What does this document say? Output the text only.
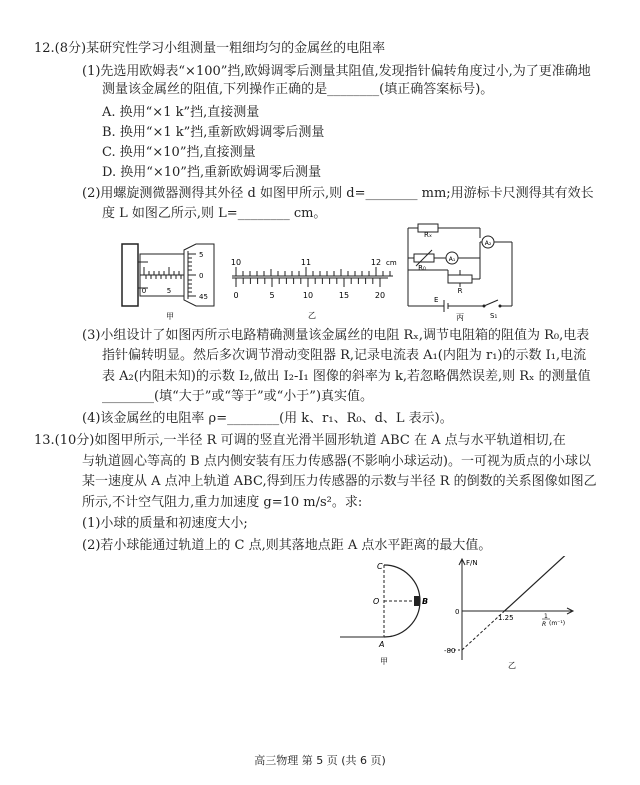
12.(8分)某研究性学习小组测量一粗细均匀的金属丝的电阻率
(1)先选用欧姆表“×100”挡,欧姆调零后测量其阻值,发现指针偏转角度过小,为了更准确地
测量该金属丝的阻值,下列操作正确的是________(填正确答案标号)。
A. 换用“×1 k”挡,直接测量
B. 换用“×1 k”挡,重新欧姆调零后测量
C. 换用“×10”挡,直接测量
D. 换用“×10”挡,重新欧姆调零后测量
(2)用螺旋测微器测得其外径 d 如图甲所示,则 d=________ mm;用游标卡尺测得其有效长
度 L 如图乙所示,则 L=________ cm。
0	5
5
0
45
甲
10	11	12 cm
0	5	10	15	20
乙
Rₓ
A₂
R₀
A₁
R
E
S₁
丙
(3)小组设计了如图丙所示电路精确测量该金属丝的电阻 Rₓ,调节电阻箱的阻值为 R₀,电表
指针偏转明显。然后多次调节滑动变阻器 R,记录电流表 A₁(内阻为 r₁)的示数 I₁,电流
表 A₂(内阻未知)的示数 I₂,做出 I₂-I₁ 图像的斜率为 k,若忽略偶然误差,则 Rₓ 的测量值
________(填“大于”或“等于”或“小于”)真实值。
(4)该金属丝的电阻率 ρ=________(用 k、r₁、R₀、d、L 表示)。
13.(10分)如图甲所示,一半径 R 可调的竖直光滑半圆形轨道 ABC 在 A 点与水平轨道相切,在
与轨道圆心等高的 B 点内侧安装有压力传感器(不影响小球运动)。一可视为质点的小球以
某一速度从 A 点冲上轨道 ABC,得到压力传感器的示数与半径 R 的倒数的关系图像如图乙
所示,不计空气阻力,重力加速度 g=10 m/s²。求:
(1)小球的质量和初速度大小;
(2)若小球能通过轨道上的 C 点,则其落地点距 A 点水平距离的最大值。
C
O	B
A
甲
F/N
0
1.25
-80
1
R (m⁻¹)
乙
高三物理 第 5 页 (共 6 页)
